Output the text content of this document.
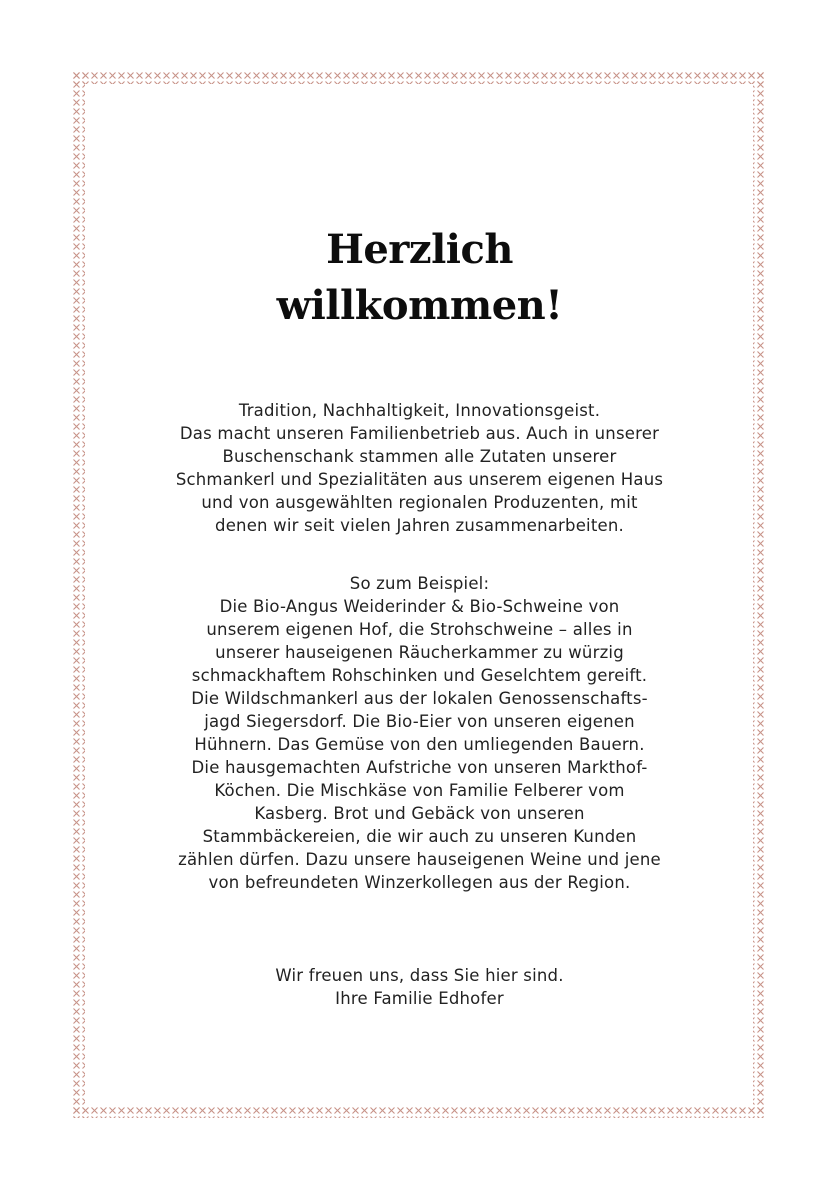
Herzlich
willkommen!

Tradition, Nachhaltigkeit, Innovationsgeist.
Das macht unseren Familienbetrieb aus. Auch in unserer
Buschenschank stammen alle Zutaten unserer
Schmankerl und Spezialitäten aus unserem eigenen Haus
und von ausgewählten regionalen Produzenten, mit
denen wir seit vielen Jahren zusammenarbeiten.

So zum Beispiel:
Die Bio-Angus Weiderinder & Bio-Schweine von
unserem eigenen Hof, die Strohschweine – alles in
unserer hauseigenen Räucherkammer zu würzig
schmackhaftem Rohschinken und Geselchtem gereift.
Die Wildschmankerl aus der lokalen Genossenschafts-
jagd Siegersdorf. Die Bio-Eier von unseren eigenen
Hühnern. Das Gemüse von den umliegenden Bauern.
Die hausgemachten Aufstriche von unseren Markthof-
Köchen. Die Mischkäse von Familie Felberer vom
Kasberg. Brot und Gebäck von unseren
Stammbäckereien, die wir auch zu unseren Kunden
zählen dürfen. Dazu unsere hauseigenen Weine und jene
von befreundeten Winzerkollegen aus der Region.

Wir freuen uns, dass Sie hier sind.
Ihre Familie Edhofer
